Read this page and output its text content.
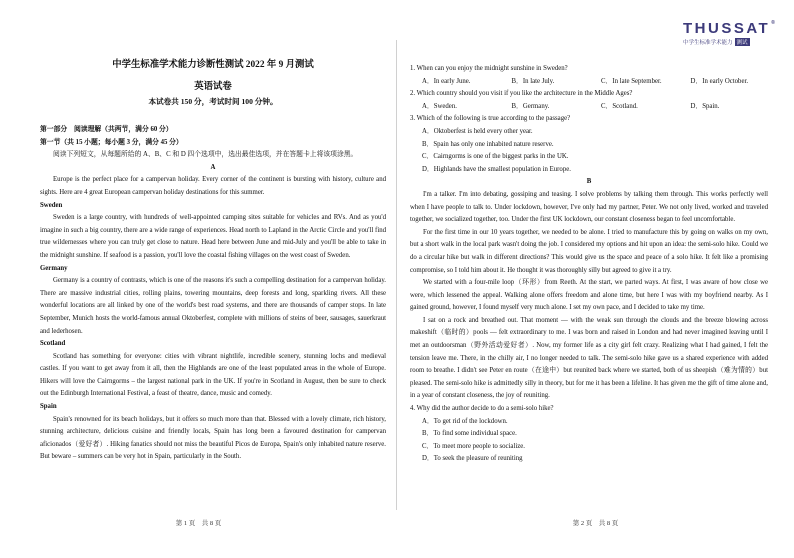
THUSSAT®
中学生标准学术能力 测试
中学生标准学术能力诊断性测试 2022 年 9 月测试
英语试卷
本试卷共 150 分，考试时间 100 分钟。

第一部分　阅读理解（共两节，满分 60 分）

第一节（共 15 小题；每小题 3 分，满分 45 分）

阅读下列短文，从每题所给的 A、B、C 和 D 四个选项中，选出最佳选项，并在答题卡上将该项涂黑。

A

Europe is the perfect place for a campervan holiday. Every corner of the continent is bursting with history, culture and sights. Here are 4 great European campervan holiday destinations for this summer.

Sweden

Sweden is a large country, with hundreds of well-appointed camping sites suitable for vehicles and RVs. And as you'd imagine in such a big country, there are a wide range of experiences. Head north to Lapland in the Arctic Circle and you'll find true wildernesses where you can truly get close to nature. Head here between June and mid-July and you'll be able to take in the midnight sunshine. If seafood is a passion, you'll love the coastal fishing villages on the west coast of Sweden.

Germany

Germany is a country of contrasts, which is one of the reasons it's such a compelling destination for a campervan holiday. There are massive industrial cities, rolling plains, towering mountains, deep forests and long, sparkling rivers. All these wonderful locations are all linked by one of the world's best road systems, and there are thousands of camper stops. In late September, Munich hosts the world-famous annual Oktoberfest, complete with millions of steins of beer, sausages, sauerkraut and lederhosen.

Scotland

Scotland has something for everyone: cities with vibrant nightlife, incredible scenery, stunning lochs and medieval castles. If you want to get away from it all, then the Highlands are one of the least populated areas in the whole of Europe. Hikers will love the Cairngorms – the largest national park in the UK. If you're in Scotland in August, then be sure to check out the Edinburgh International Festival, a feast of theatre, dance, music and comedy.

Spain

Spain's renowned for its beach holidays, but it offers so much more than that. Blessed with a lovely climate, rich history, stunning architecture, delicious cuisine and friendly locals, Spain has long been a favoured destination for campervan aficionados（爱好者）. Hiking fanatics should not miss the beautiful Picos de Europa, Spain's only inhabited nature reserve. But beware – summers can be very hot in Spain, particularly in the South.

第 1 页　共 8 页

1. When can you enjoy the midnight sunshine in Sweden?

A．In early June.	B．In late July.	C．In late September.	D．In early October.

2. Which country should you visit if you like the architecture in the Middle Ages?

A．Sweden.	B．Germany.	C．Scotland.	D．Spain.

3. Which of the following is true according to the passage?

A．Oktoberfest is held every other year.

B．Spain has only one inhabited nature reserve.

C．Cairngorms is one of the biggest parks in the UK.

D．Highlands have the smallest population in Europe.

B

I'm a talker. I'm into debating, gossiping and teasing. I solve problems by talking them through. This works perfectly well when I have people to talk to. Under lockdown, however, I've only had my partner, Peter. We not only lived, worked and traveled together, we socialized together, too. Under the first UK lockdown, our constant closeness began to feel uncomfortable.

For the first time in our 10 years together, we needed to be alone. I tried to manufacture this by going on walks on my own, but a short walk in the local park wasn't doing the job. I considered my options and hit upon an idea: the semi-solo hike. Could we do a circular hike but walk in different directions? This would give us the space and peace of a solo hike. It felt like a promising compromise, so I told him about it. He thought it was thoroughly silly but agreed to give it a try.

We started with a four-mile loop（环形）from Reeth. At the start, we parted ways. At first, I was aware of how close we were, which lessened the appeal. Walking alone offers freedom and alone time, but here I was with my boyfriend nearby. As I gained ground, however, I found myself very much alone. I set my own pace, and I decided to take my time.

I sat on a rock and breathed out. That moment — with the weak sun through the clouds and the breeze blowing across makeshift（临时的）pools — felt extraordinary to me. I was born and raised in London and had never imagined leaving until I met an outdoorsman（野外活动爱好者）. Now, my former life as a city girl felt crazy. Realizing what I had gained, I felt the tension leave me. There, in the chilly air, I no longer needed to talk. The semi-solo hike gave us a shared experience with added room to breathe. I didn't see Peter en route（在途中）but reunited back where we started, both of us sheepish（难为情的）but pleased. The semi-solo hike is admittedly silly in theory, but for me it has been a lifeline. It has given me the gift of time alone and, in a year of constant closeness, the joy of reuniting.

4. Why did the author decide to do a semi-solo hike?

A．To get rid of the lockdown.

B．To find some individual space.

C．To meet more people to socialize.

D．To seek the pleasure of reuniting

第 2 页　共 8 页
